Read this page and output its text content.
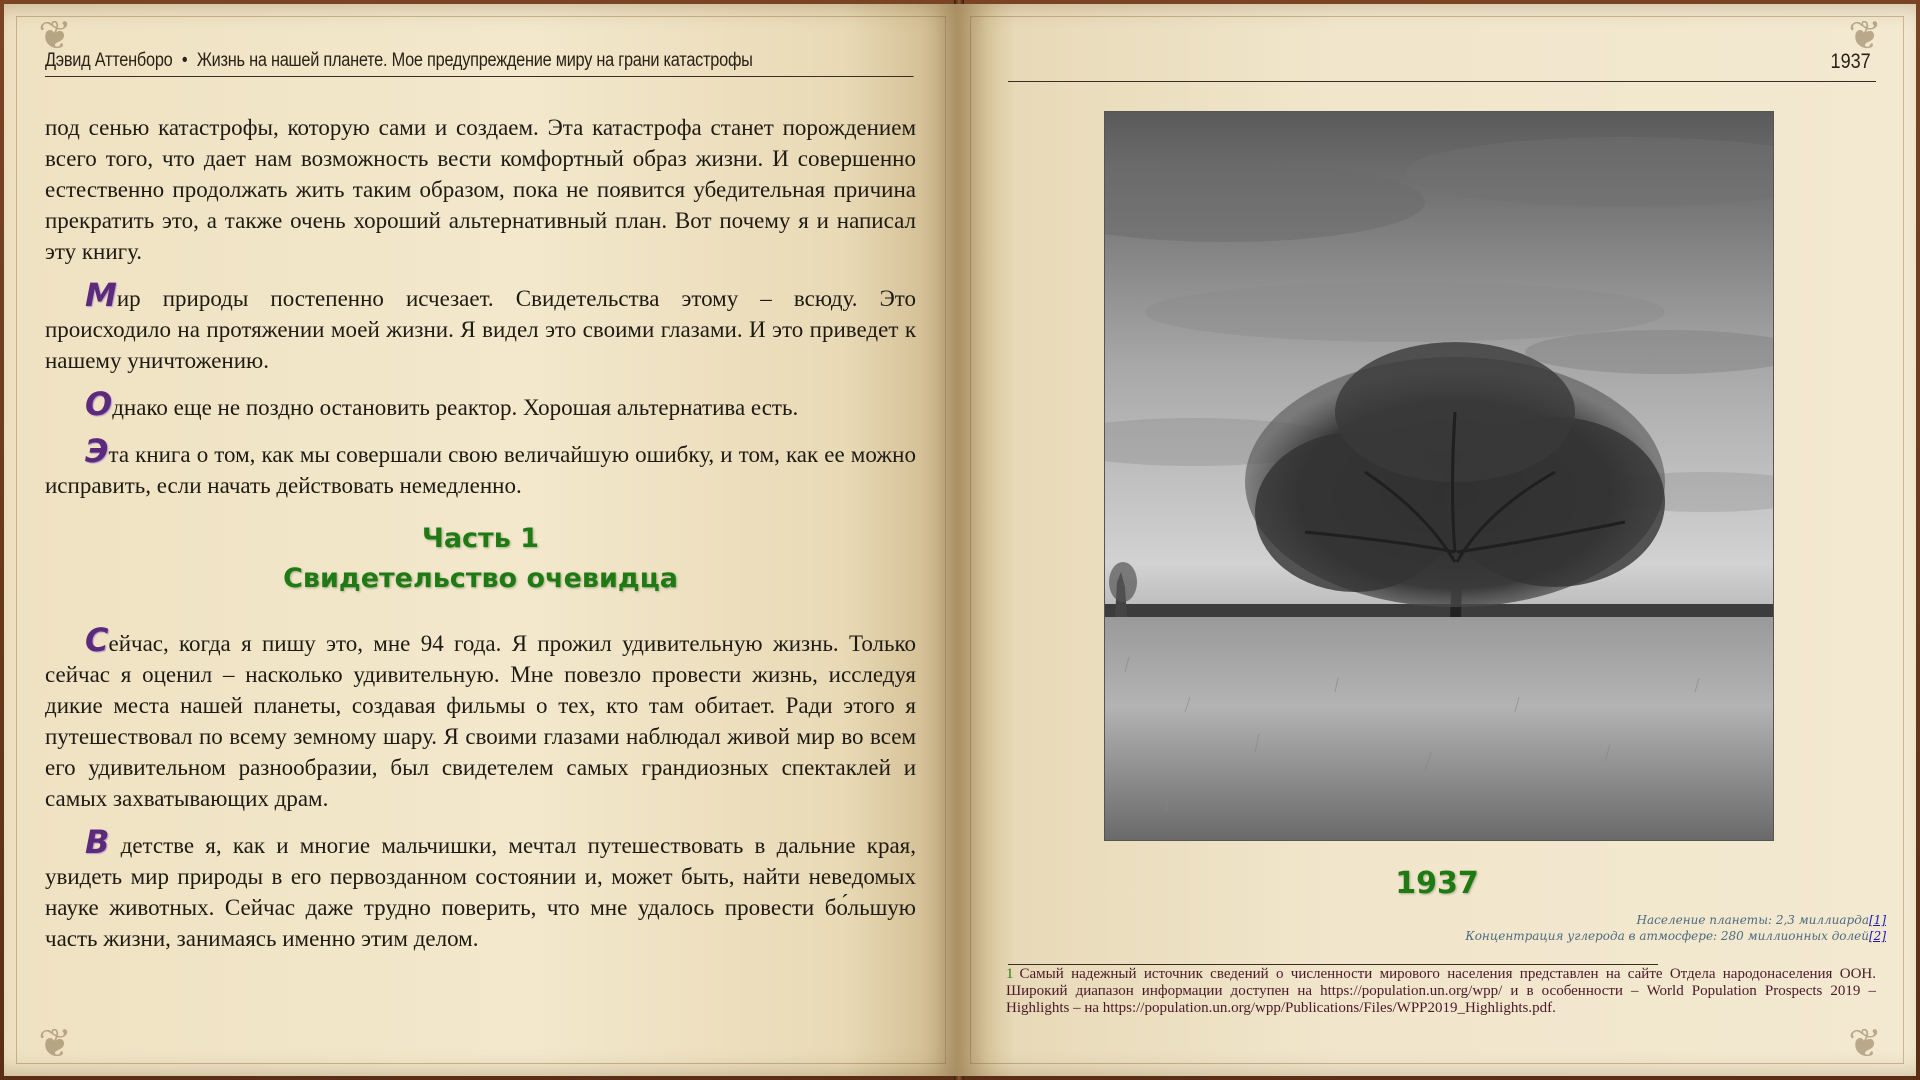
❦
❦
Дэвид Аттенборо • Жизнь на нашей планете. Мое предупреждение миру на грани катастрофы

под сенью катастрофы, которую сами и создаем. Эта катастрофа станет порождением всего того, что дает нам возможность вести комфортный образ жизни. И совершенно естественно продолжать жить таким образом, пока не появится убедительная причина прекратить это, а также очень хороший альтернативный план. Вот почему я и написал эту книгу.

Мир природы постепенно исчезает. Свидетельства этому – всюду. Это происходило на протяжении моей жизни. Я видел это своими глазами. И это приведет к нашему уничтожению.

Однако еще не поздно остановить реактор. Хорошая альтернатива есть.

Эта книга о том, как мы совершали свою величайшую ошибку, и том, как ее можно исправить, если начать действовать немедленно.

Часть 1
Свидетельство очевидца

Сейчас, когда я пишу это, мне 94 года. Я прожил удивительную жизнь. Только сейчас я оценил – насколько удивительную. Мне повезло провести жизнь, исследуя дикие места нашей планеты, создавая фильмы о тех, кто там обитает. Ради этого я путешествовал по всему земному шару. Я своими глазами наблюдал живой мир во всем его удивительном разнообразии, был свидетелем самых грандиозных спектаклей и самых захватывающих драм.

В детстве я, как и многие мальчишки, мечтал путешествовать в дальние края, увидеть мир природы в его первозданном состоянии и, может быть, найти неведомых науке животных. Сейчас даже трудно поверить, что мне удалось провести бо́льшую часть жизни, занимаясь именно этим делом.

❦
❦
1937
1937
Население планеты: 2,3 миллиарда[1]
Концентрация углерода в атмосфере: 280 миллионных долей[2]
1 Самый надежный источник сведений о численности мирового населения представлен на сайте Отдела народонаселения ООН. Широкий диапазон информации доступен на https://population.un.org/wpp/ и в особенности – World Population Prospects 2019 – Highlights – на https://population.un.org/wpp/Publications/Files/WPP2019_Highlights.pdf.
